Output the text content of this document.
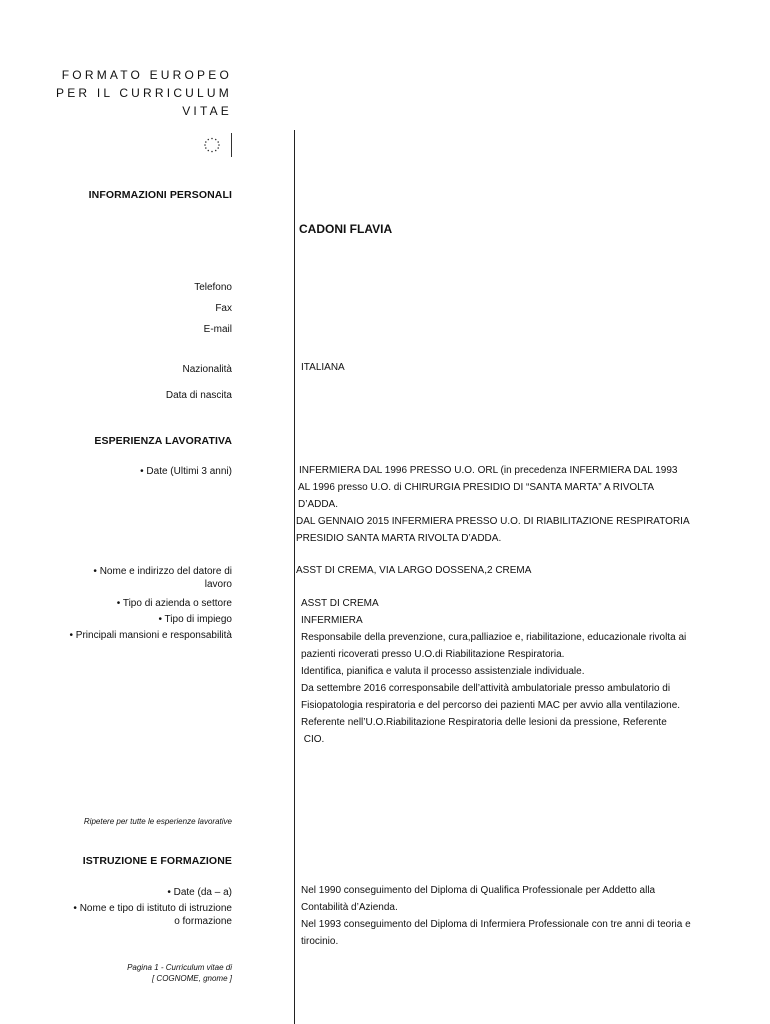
FORMATO EUROPEO
PER IL CURRICULUM
VITAE
INFORMAZIONI PERSONALI
CADONI FLAVIA
Telefono
Fax
E-mail
Nazionalità	ITALIANA
Data di nascita
ESPERIENZA LAVORATIVA
• Date (Ultimi 3 anni)	INFERMIERA DAL 1996 PRESSO U.O. ORL (in precedenza INFERMIERA DAL 1993
AL 1996 presso U.O. di CHIRURGIA PRESIDIO DI “SANTA MARTA” A RIVOLTA
D’ADDA.
DAL GENNAIO 2015 INFERMIERA PRESSO U.O. DI RIABILITAZIONE RESPIRATORIA
PRESIDIO SANTA MARTA RIVOLTA D’ADDA.
• Nome e indirizzo del datore di
lavoro
ASST DI CREMA, VIA LARGO DOSSENA,2 CREMA
• Tipo di azienda o settore
• Tipo di impiego
• Principali mansioni e responsabilità
ASST DI CREMA
INFERMIERA
Responsabile della prevenzione, cura,palliazioe e, riabilitazione, educazionale rivolta ai
pazienti ricoverati presso U.O.di Riabilitazione Respiratoria.
Identifica, pianifica e valuta il processo assistenziale individuale.
Da settembre 2016 corresponsabile dell’attività ambulatoriale presso ambulatorio di
Fisiopatologia respiratoria e del percorso dei pazienti MAC per avvio alla ventilazione.
Referente nell’U.O.Riabilitazione Respiratoria delle lesioni da pressione, Referente
CIO.
Ripetere per tutte le esperienze lavorative
ISTRUZIONE E FORMAZIONE
• Date (da – a)
• Nome e tipo di istituto di istruzione
o formazione
Nel 1990 conseguimento del Diploma di Qualifica Professionale per Addetto alla
Contabilità d’Azienda.
Nel 1993 conseguimento del Diploma di Infermiera Professionale con tre anni di teoria e
tirocinio.
Pagina 1 - Curriculum vitae di
[ COGNOME, gnome ]
